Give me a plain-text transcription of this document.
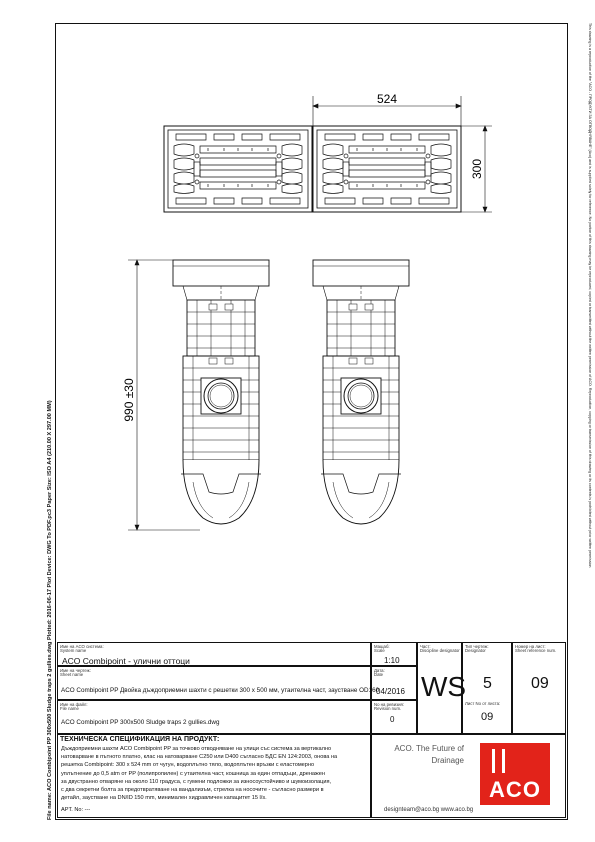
File name: ACO Combipoint PP 300x500 Sludge traps 2 gullies.dwg Plotted: 2016-06-17 Plot Device: DWG To PDF.pc3 Paper Size: ISO A4 (210.00 X 297.00 MM)
This drawing is a reproduction of the "ACO - ПРОДУКТИ ЗА ОТВОДНЯВАНЕ" (Aco) and is supplied solely for reference. No portion of this drawing may be reproduced, copied or transmitted without the written permission of ACO. Reproduction, copying or transmission of this drawing or its contents is prohibited without prior written permission.
524
300
990 ±30
Име на ACO система:
System name
ACO Combipoint - улични оттоци
Мащаб:
Scale
1:10
Част:
Discipline designator
WS
Тип чертеж:
Designator
5
Лист No от листа:
09
Номер на лист:
Sheet reference num.
09
Име на чертеж:
Sheet name
ACO Combipoint PP Двойка дъждоприемни шахти с решетки 300 х 500 мм, утаителна част, заустване OD160
Дата:
Date
04/2016
Име на файл:
File name
ACO Combipoint PP 300x500 Sludge traps 2 gullies.dwg
No на ревизия:
Revision num.
0
ТЕХНИЧЕСКА СПЕЦИФИКАЦИЯ НА ПРОДУКТ:
Дъждоприемни шахти ACO Combipoint PP за точково отводняване на улици със система за вертикално
натоварване в пътното платно, клас на натоварване C250 или D400 съгласно БДС EN 124:2003, онова на
решетка Combipoint: 300 х 524 mm от чугун, водоплътно тяло, водоплътен връзки с еластомерно
уплътнение до 0,5 atm от PP (полипропилен) с утаителна част, кошница за един отпадъци, дренажен
за двустранно отваряне на около 110 градуса, с гумени подложки за износоустойчиво и шумоизолация,
с два секретни болта за предотвратяване на вандализъм, стрелка на носочите - съгласно размери в
детайл, заустване на DN/ID 150 mm, минимален хидравличен капацитет 15 l/s.
APT. No: ---
ACO. The Future of Drainage
ACO
designteam@aco.bg www.aco.bg
